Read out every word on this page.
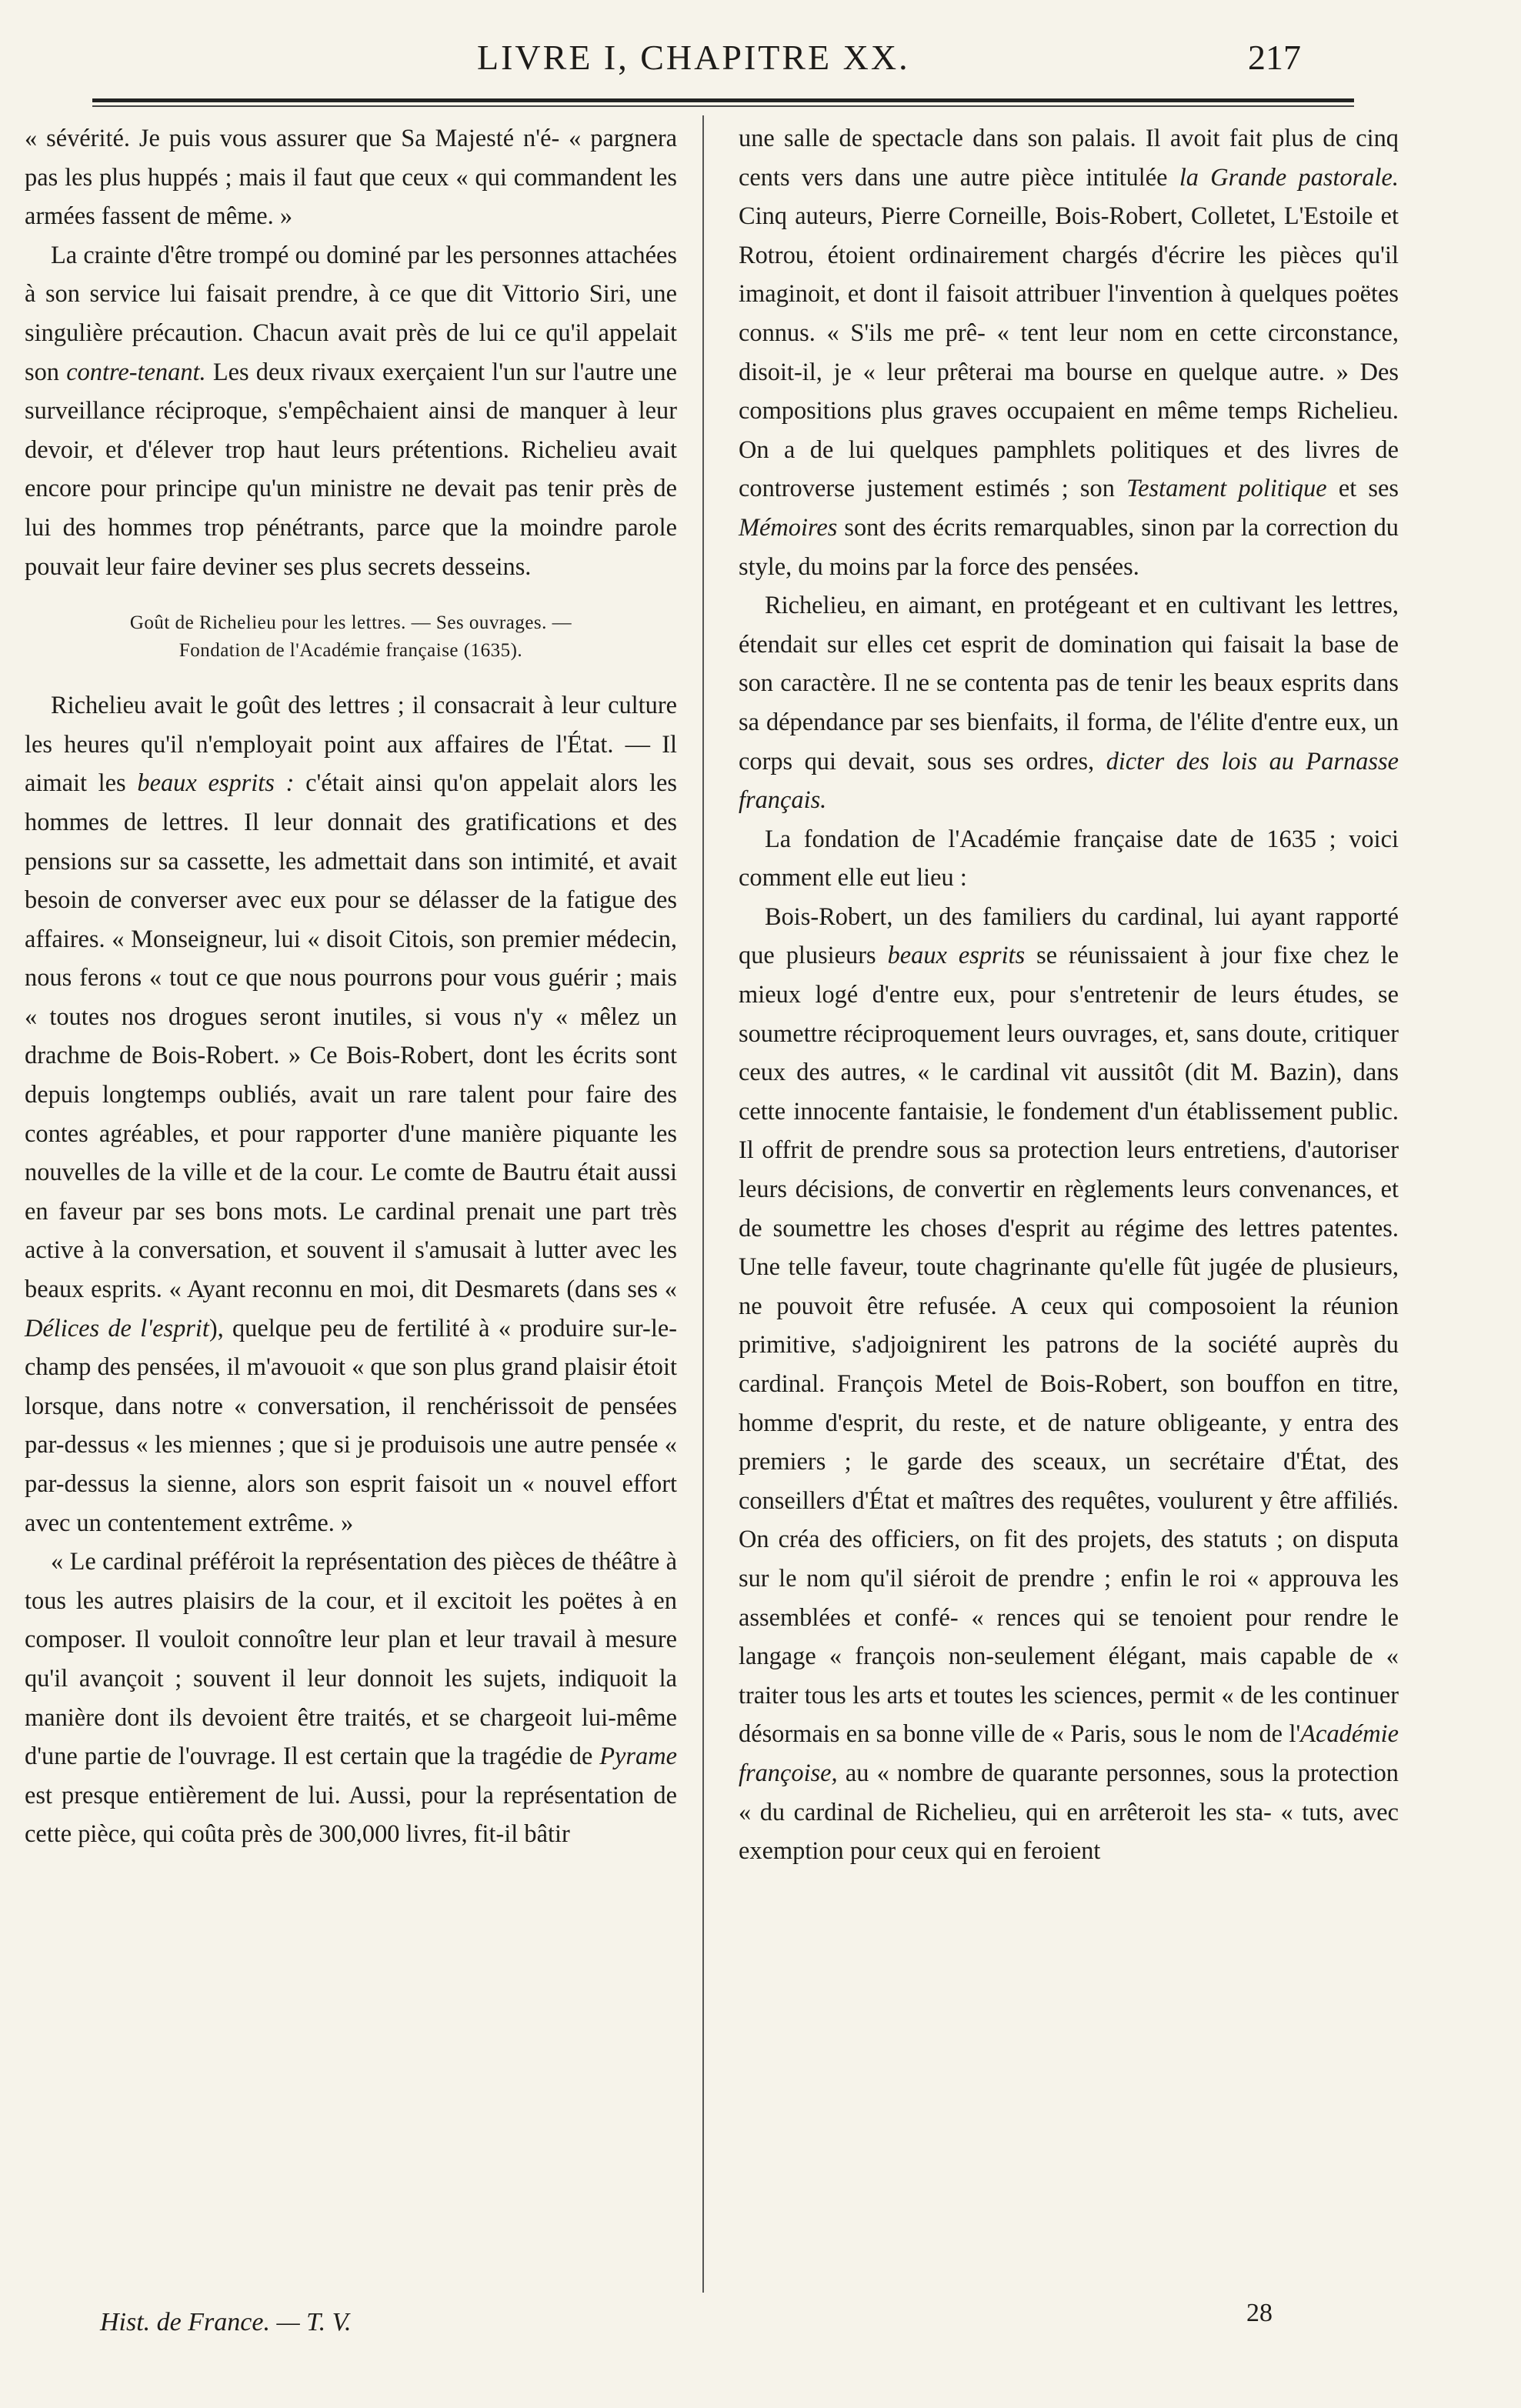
LIVRE I, CHAPITRE XX.	217

« sévérité. Je puis vous assurer que Sa Majesté n'é- « pargnera pas les plus huppés ; mais il faut que ceux « qui commandent les armées fassent de même. »

La crainte d'être trompé ou dominé par les personnes attachées à son service lui faisait prendre, à ce que dit Vittorio Siri, une singulière précaution. Chacun avait près de lui ce qu'il appelait son contre-tenant. Les deux rivaux exerçaient l'un sur l'autre une surveillance réciproque, s'empêchaient ainsi de manquer à leur devoir, et d'élever trop haut leurs prétentions. Richelieu avait encore pour principe qu'un ministre ne devait pas tenir près de lui des hommes trop pénétrants, parce que la moindre parole pouvait leur faire deviner ses plus secrets desseins.

Goût de Richelieu pour les lettres. — Ses ouvrages. —
Fondation de l'Académie française (1635).

Richelieu avait le goût des lettres ; il consacrait à leur culture les heures qu'il n'employait point aux affaires de l'État. — Il aimait les beaux esprits : c'était ainsi qu'on appelait alors les hommes de lettres. Il leur donnait des gratifications et des pensions sur sa cassette, les admettait dans son intimité, et avait besoin de converser avec eux pour se délasser de la fatigue des affaires. « Monseigneur, lui « disoit Citois, son premier médecin, nous ferons « tout ce que nous pourrons pour vous guérir ; mais « toutes nos drogues seront inutiles, si vous n'y « mêlez un drachme de Bois-Robert. » Ce Bois-Robert, dont les écrits sont depuis longtemps oubliés, avait un rare talent pour faire des contes agréables, et pour rapporter d'une manière piquante les nouvelles de la ville et de la cour. Le comte de Bautru était aussi en faveur par ses bons mots. Le cardinal prenait une part très active à la conversation, et souvent il s'amusait à lutter avec les beaux esprits. « Ayant reconnu en moi, dit Desmarets (dans ses « Délices de l'esprit), quelque peu de fertilité à « produire sur-le-champ des pensées, il m'avouoit « que son plus grand plaisir étoit lorsque, dans notre « conversation, il renchérissoit de pensées par-dessus « les miennes ; que si je produisois une autre pensée « par-dessus la sienne, alors son esprit faisoit un « nouvel effort avec un contentement extrême. »

« Le cardinal préféroit la représentation des pièces de théâtre à tous les autres plaisirs de la cour, et il excitoit les poëtes à en composer. Il vouloit connoître leur plan et leur travail à mesure qu'il avançoit ; souvent il leur donnoit les sujets, indiquoit la manière dont ils devoient être traités, et se chargeoit lui-même d'une partie de l'ouvrage. Il est certain que la tragédie de Pyrame est presque entièrement de lui. Aussi, pour la représentation de cette pièce, qui coûta près de 300,000 livres, fit-il bâtir

une salle de spectacle dans son palais. Il avoit fait plus de cinq cents vers dans une autre pièce intitulée la Grande pastorale. Cinq auteurs, Pierre Corneille, Bois-Robert, Colletet, L'Estoile et Rotrou, étoient ordinairement chargés d'écrire les pièces qu'il imaginoit, et dont il faisoit attribuer l'invention à quelques poëtes connus. « S'ils me prê- « tent leur nom en cette circonstance, disoit-il, je « leur prêterai ma bourse en quelque autre. » Des compositions plus graves occupaient en même temps Richelieu. On a de lui quelques pamphlets politiques et des livres de controverse justement estimés ; son Testament politique et ses Mémoires sont des écrits remarquables, sinon par la correction du style, du moins par la force des pensées.

Richelieu, en aimant, en protégeant et en cultivant les lettres, étendait sur elles cet esprit de domination qui faisait la base de son caractère. Il ne se contenta pas de tenir les beaux esprits dans sa dépendance par ses bienfaits, il forma, de l'élite d'entre eux, un corps qui devait, sous ses ordres, dicter des lois au Parnasse français.

La fondation de l'Académie française date de 1635 ; voici comment elle eut lieu :

Bois-Robert, un des familiers du cardinal, lui ayant rapporté que plusieurs beaux esprits se réunissaient à jour fixe chez le mieux logé d'entre eux, pour s'entretenir de leurs études, se soumettre réciproquement leurs ouvrages, et, sans doute, critiquer ceux des autres, « le cardinal vit aussitôt (dit M. Bazin), dans cette innocente fantaisie, le fondement d'un établissement public. Il offrit de prendre sous sa protection leurs entretiens, d'autoriser leurs décisions, de convertir en règlements leurs convenances, et de soumettre les choses d'esprit au régime des lettres patentes. Une telle faveur, toute chagrinante qu'elle fût jugée de plusieurs, ne pouvoit être refusée. A ceux qui composoient la réunion primitive, s'adjoignirent les patrons de la société auprès du cardinal. François Metel de Bois-Robert, son bouffon en titre, homme d'esprit, du reste, et de nature obligeante, y entra des premiers ; le garde des sceaux, un secrétaire d'État, des conseillers d'État et maîtres des requêtes, voulurent y être affiliés. On créa des officiers, on fit des projets, des statuts ; on disputa sur le nom qu'il siéroit de prendre ; enfin le roi « approuva les assemblées et confé- « rences qui se tenoient pour rendre le langage « françois non-seulement élégant, mais capable de « traiter tous les arts et toutes les sciences, permit « de les continuer désormais en sa bonne ville de « Paris, sous le nom de l'Académie françoise, au « nombre de quarante personnes, sous la protection « du cardinal de Richelieu, qui en arrêteroit les sta- « tuts, avec exemption pour ceux qui en feroient

Hist. de France. — T. V.	28
